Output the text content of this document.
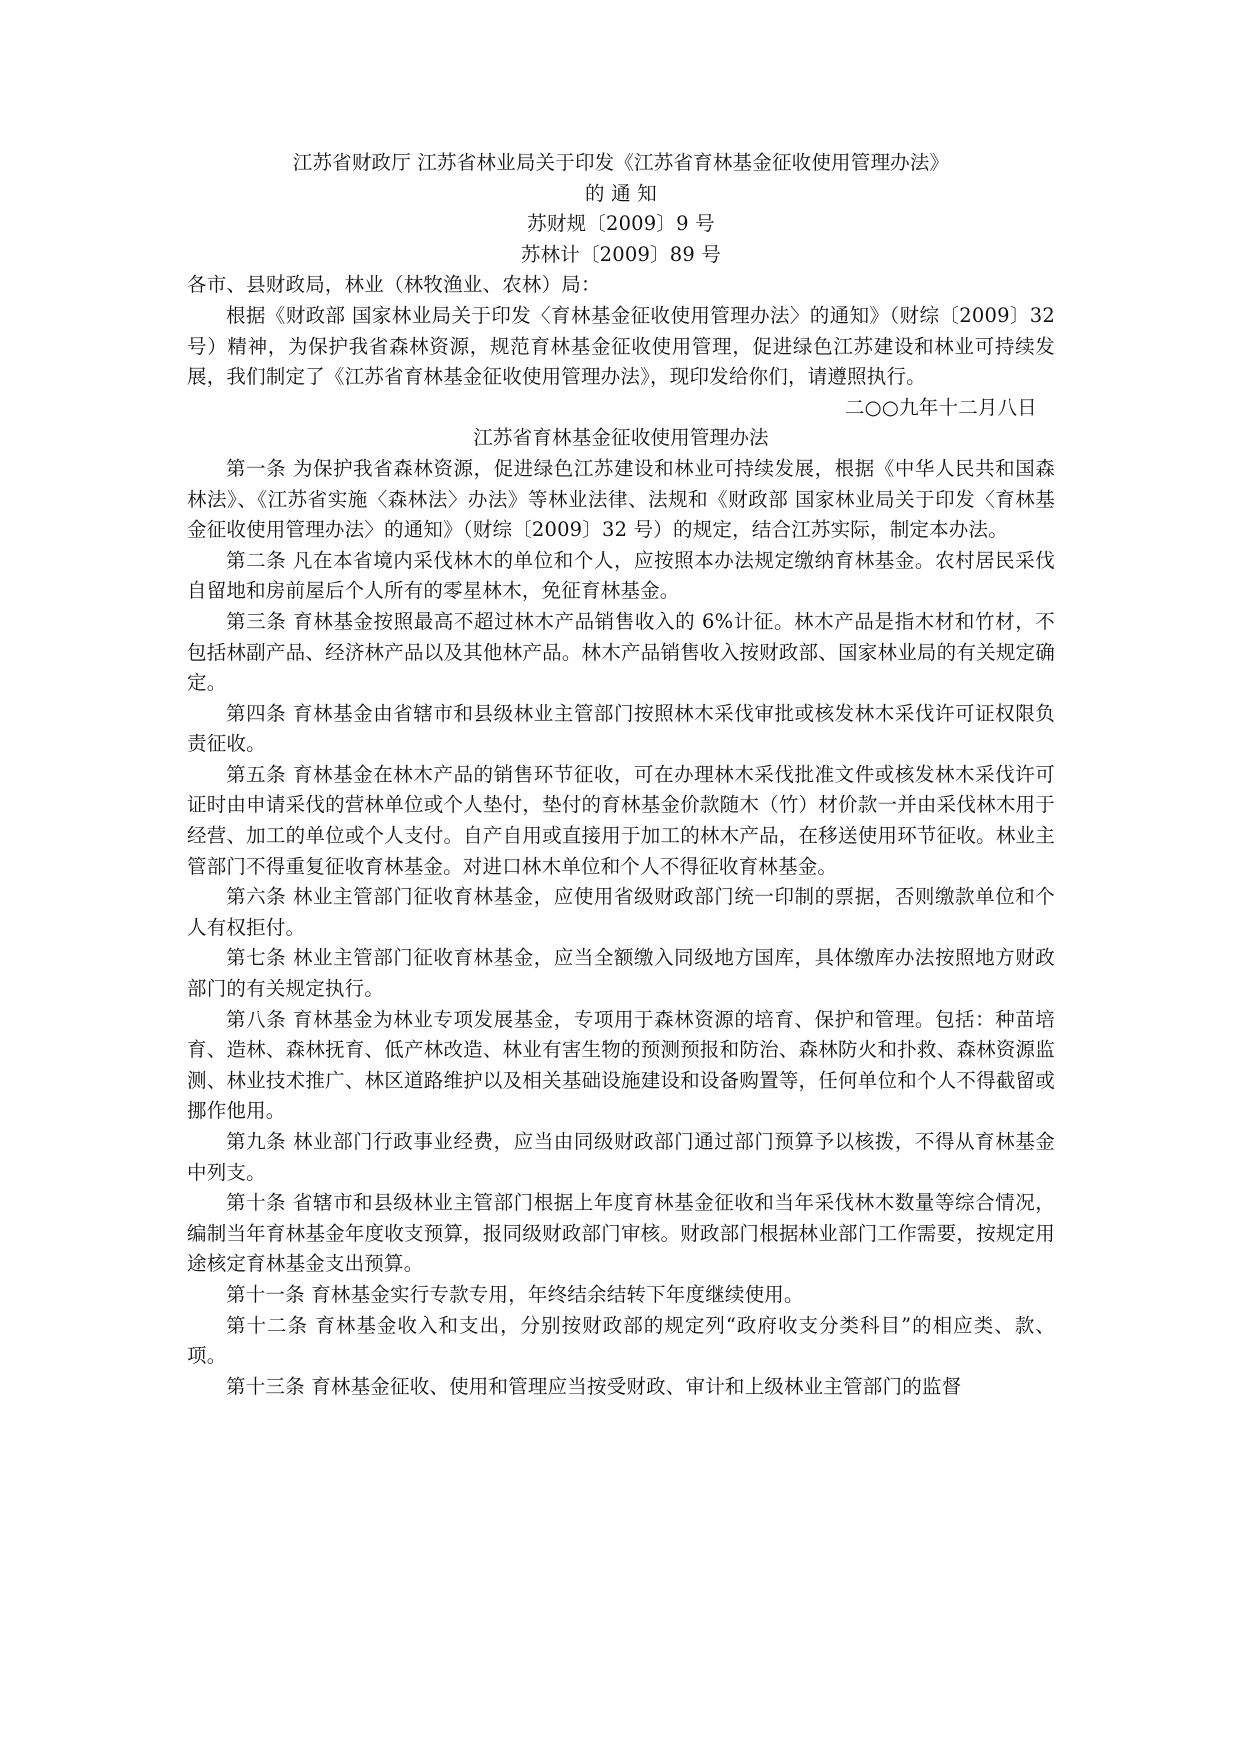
江苏省财政厅 江苏省林业局关于印发《江苏省育林基金征收使用管理办法》

的 通 知

苏财规〔2009〕9 号

苏林计〔2009〕89 号

各市、县财政局，林业（林牧渔业、农林）局：

根据《财政部 国家林业局关于印发〈育林基金征收使用管理办法〉的通知》（财综〔2009〕32 号）精神，为保护我省森林资源，规范育林基金征收使用管理，促进绿色江苏建设和林业可持续发展，我们制定了《江苏省育林基金征收使用管理办法》，现印发给你们，请遵照执行。

二○○九年十二月八日

江苏省育林基金征收使用管理办法

第一条 为保护我省森林资源，促进绿色江苏建设和林业可持续发展，根据《中华人民共和国森林法》、《江苏省实施〈森林法〉办法》等林业法律、法规和《财政部 国家林业局关于印发〈育林基金征收使用管理办法〉的通知》（财综〔2009〕32 号）的规定，结合江苏实际，制定本办法。

第二条 凡在本省境内采伐林木的单位和个人，应按照本办法规定缴纳育林基金。农村居民采伐自留地和房前屋后个人所有的零星林木，免征育林基金。

第三条 育林基金按照最高不超过林木产品销售收入的 6%计征。林木产品是指木材和竹材，不包括林副产品、经济林产品以及其他林产品。林木产品销售收入按财政部、国家林业局的有关规定确定。

第四条 育林基金由省辖市和县级林业主管部门按照林木采伐审批或核发林木采伐许可证权限负责征收。

第五条 育林基金在林木产品的销售环节征收，可在办理林木采伐批准文件或核发林木采伐许可证时由申请采伐的营林单位或个人垫付，垫付的育林基金价款随木（竹）材价款一并由采伐林木用于经营、加工的单位或个人支付。自产自用或直接用于加工的林木产品，在移送使用环节征收。林业主管部门不得重复征收育林基金。对进口林木单位和个人不得征收育林基金。

第六条 林业主管部门征收育林基金，应使用省级财政部门统一印制的票据，否则缴款单位和个人有权拒付。

第七条 林业主管部门征收育林基金，应当全额缴入同级地方国库，具体缴库办法按照地方财政部门的有关规定执行。

第八条 育林基金为林业专项发展基金，专项用于森林资源的培育、保护和管理。包括：种苗培育、造林、森林抚育、低产林改造、林业有害生物的预测预报和防治、森林防火和扑救、森林资源监测、林业技术推广、林区道路维护以及相关基础设施建设和设备购置等，任何单位和个人不得截留或挪作他用。

第九条 林业部门行政事业经费，应当由同级财政部门通过部门预算予以核拨，不得从育林基金中列支。

第十条 省辖市和县级林业主管部门根据上年度育林基金征收和当年采伐林木数量等综合情况，编制当年育林基金年度收支预算，报同级财政部门审核。财政部门根据林业部门工作需要，按规定用途核定育林基金支出预算。

第十一条 育林基金实行专款专用，年终结余结转下年度继续使用。

第十二条 育林基金收入和支出，分别按财政部的规定列“政府收支分类科目”的相应类、款、项。

第十三条 育林基金征收、使用和管理应当按受财政、审计和上级林业主管部门的监督
